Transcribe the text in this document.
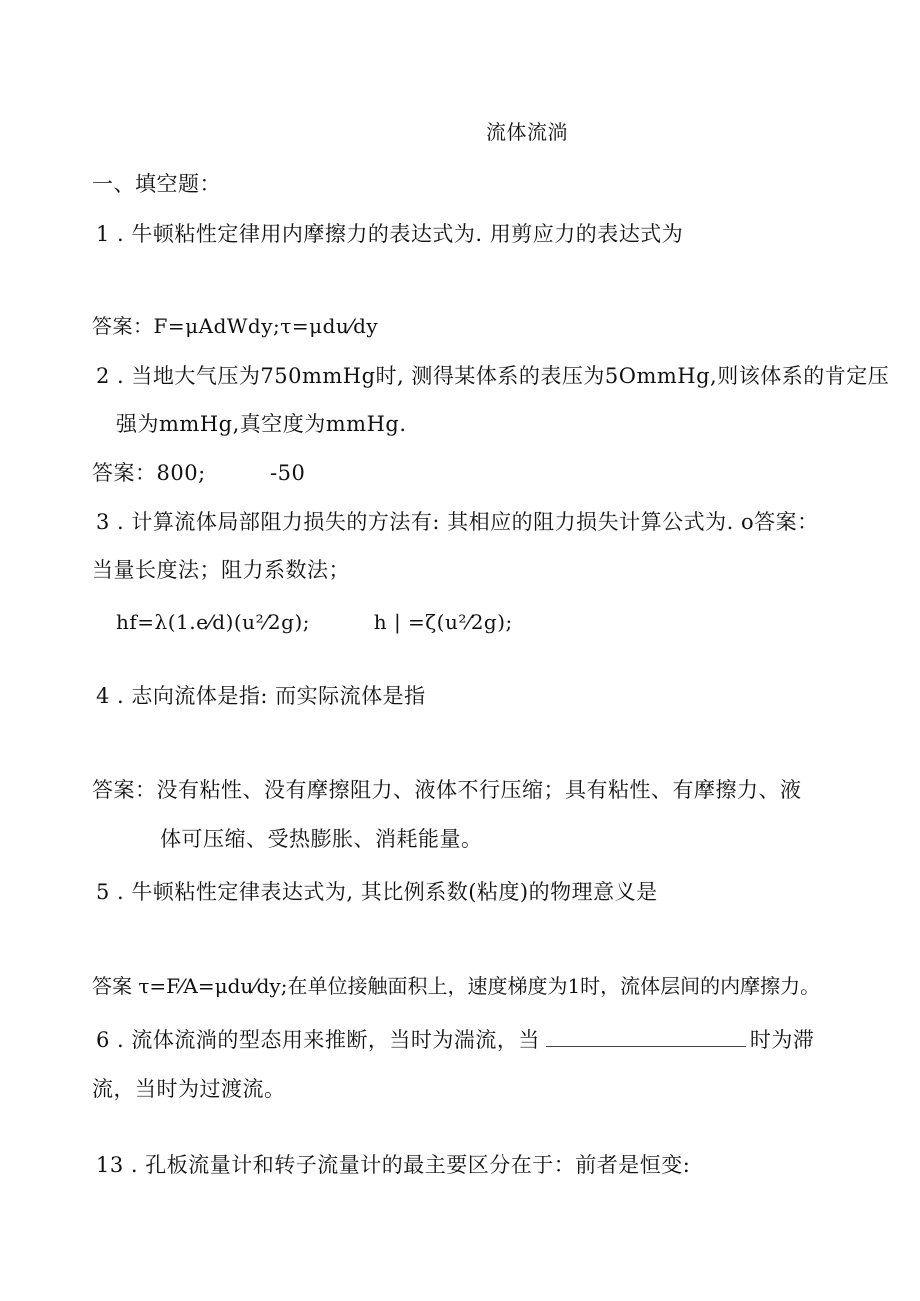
流体流淌
一、填空题：
1 . 牛顿粘性定律用内摩擦力的表达式为. 用剪应力的表达式为
答案：F=μAdWdy;τ=μdu⁄dy
2 . 当地大气压为750mmHg时, 测得某体系的表压为5OmmHg,则该体系的肯定压
强为mmHg,真空度为mmHg.
答案：800;	-50
3 . 计算流体局部阻力损失的方法有: 其相应的阻力损失计算公式为. o答案：
当量长度法；阻力系数法；
hf=λ(1.e⁄d)(u²⁄2g);	h | =ζ(u²⁄2g);
4 . 志向流体是指: 而实际流体是指
答案：没有粘性、没有摩擦阻力、液体不行压缩；具有粘性、有摩擦力、液
体可压缩、受热膨胀、消耗能量。
5 . 牛顿粘性定律表达式为, 其比例系数(粘度)的物理意义是
答案 τ=F⁄A=μdu⁄dy;在单位接触面积上，速度梯度为1时，流体层间的内摩擦力。
6 . 流体流淌的型态用来推断，当时为湍流，当	时为滞
流，当时为过渡流。
13 . 孔板流量计和转子流量计的最主要区分在于：前者是恒变:
